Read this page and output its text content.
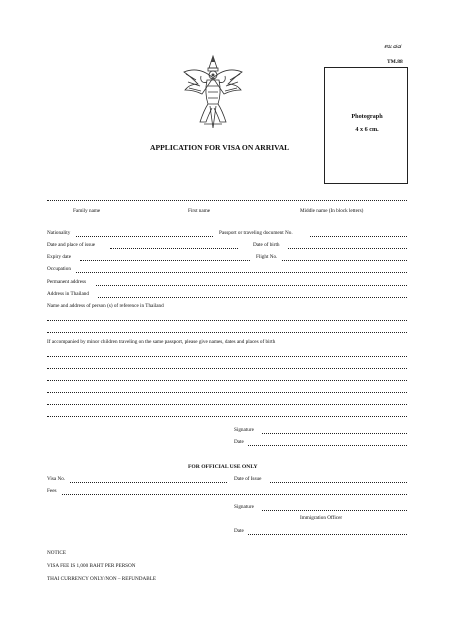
ตม.๘๘
TM.88
APPLICATION FOR VISA ON ARRIVAL
Photograph
4 x 6 cm.
Family name	First name	Middle name (In block letters)
Nationality	Passport or traveling document No.
Date and place of issue	Date of birth
Expiry date	Flight No.
Occupation
Permanent address
Address in Thailand
Name and address of person (s) of reference in Thailand
If accompanied by minor children traveling on the same passport, please give names, dates and places of birth
Signature
Date
FOR OFFICIAL USE ONLY
Visa No.	Date of Issue
Fees
Signature
Immigration Officer
Date
NOTICE
VISA FEE IS 1,000 BAHT PER PERSON
THAI CURRENCY ONLY/NON – REFUNDABLE
